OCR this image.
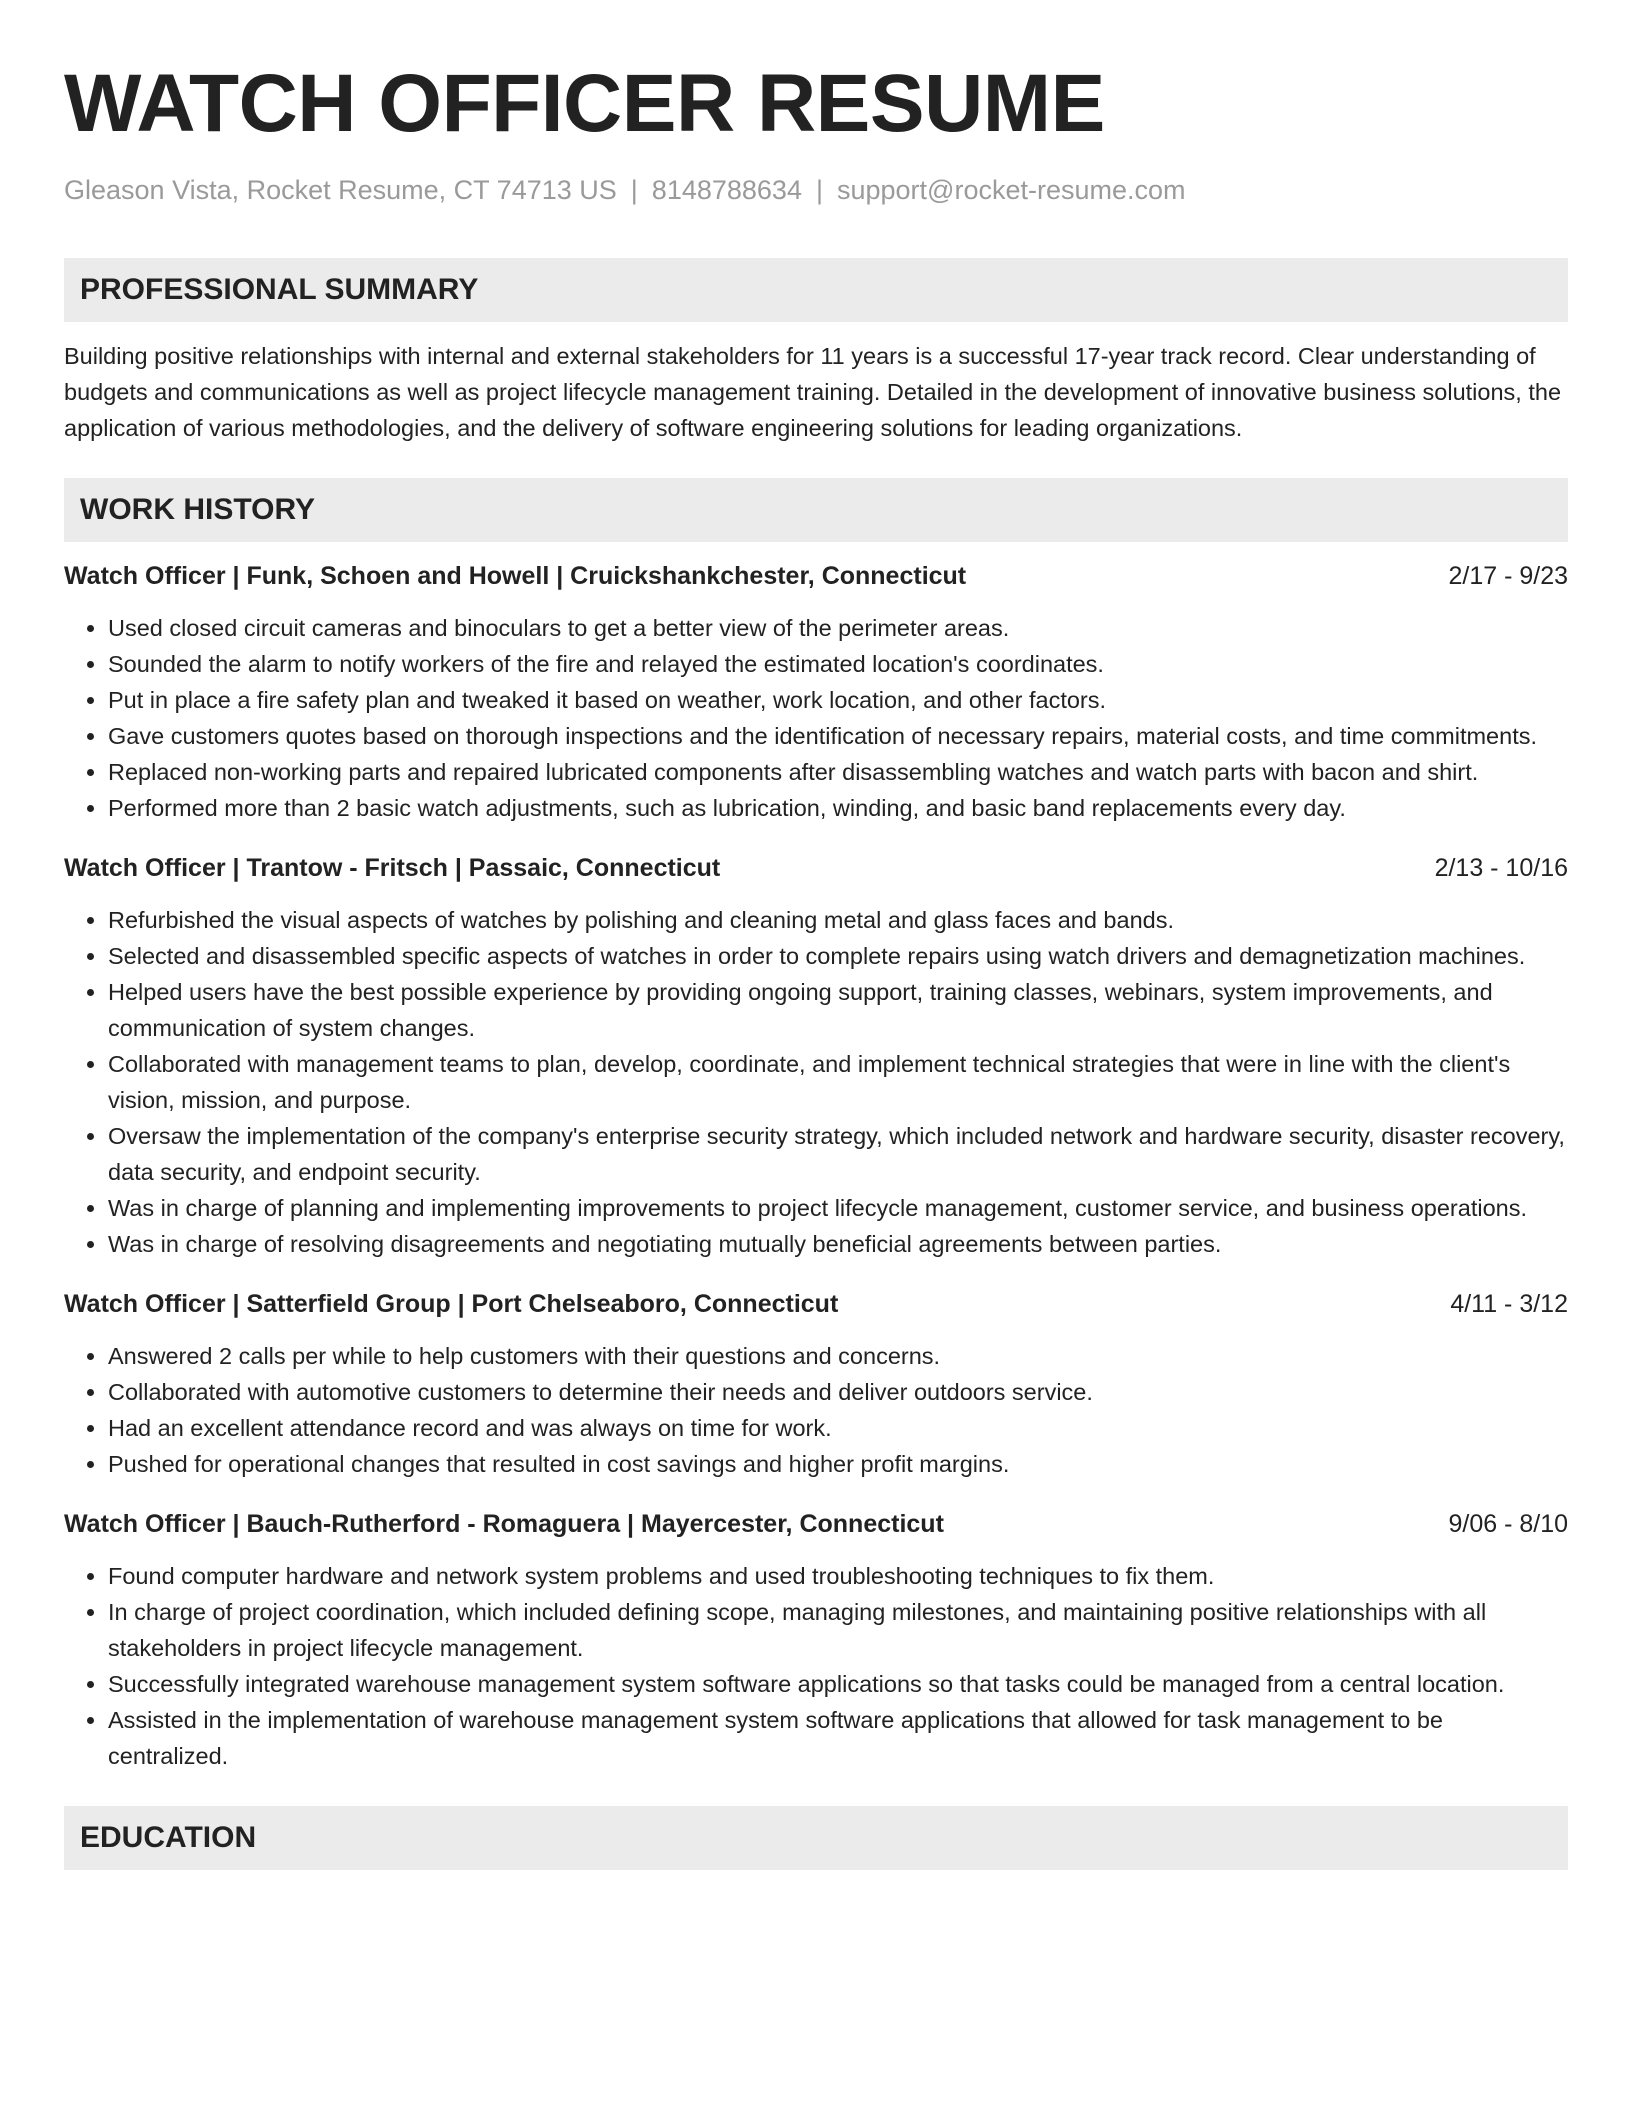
WATCH OFFICER RESUME
Gleason Vista, Rocket Resume, CT 74713 US | 8148788634 | support@rocket-resume.com
PROFESSIONAL SUMMARY

Building positive relationships with internal and external stakeholders for 11 years is a successful 17-year track record. Clear understanding of budgets and communications as well as project lifecycle management training. Detailed in the development of innovative business solutions, the application of various methodologies, and the delivery of software engineering solutions for leading organizations.

WORK HISTORY
Watch Officer | Funk, Schoen and Howell | Cruickshankchester, Connecticut	2/17 - 9/23
• Used closed circuit cameras and binoculars to get a better view of the perimeter areas.
• Sounded the alarm to notify workers of the fire and relayed the estimated location's coordinates.
• Put in place a fire safety plan and tweaked it based on weather, work location, and other factors.
• Gave customers quotes based on thorough inspections and the identification of necessary repairs, material costs, and time commitments.
• Replaced non-working parts and repaired lubricated components after disassembling watches and watch parts with bacon and shirt.
• Performed more than 2 basic watch adjustments, such as lubrication, winding, and basic band replacements every day.
Watch Officer | Trantow - Fritsch | Passaic, Connecticut	2/13 - 10/16
• Refurbished the visual aspects of watches by polishing and cleaning metal and glass faces and bands.
• Selected and disassembled specific aspects of watches in order to complete repairs using watch drivers and demagnetization machines.
• Helped users have the best possible experience by providing ongoing support, training classes, webinars, system improvements, and communication of system changes.
• Collaborated with management teams to plan, develop, coordinate, and implement technical strategies that were in line with the client's vision, mission, and purpose.
• Oversaw the implementation of the company's enterprise security strategy, which included network and hardware security, disaster recovery, data security, and endpoint security.
• Was in charge of planning and implementing improvements to project lifecycle management, customer service, and business operations.
• Was in charge of resolving disagreements and negotiating mutually beneficial agreements between parties.
Watch Officer | Satterfield Group | Port Chelseaboro, Connecticut	4/11 - 3/12
• Answered 2 calls per while to help customers with their questions and concerns.
• Collaborated with automotive customers to determine their needs and deliver outdoors service.
• Had an excellent attendance record and was always on time for work.
• Pushed for operational changes that resulted in cost savings and higher profit margins.
Watch Officer | Bauch-Rutherford - Romaguera | Mayercester, Connecticut	9/06 - 8/10
• Found computer hardware and network system problems and used troubleshooting techniques to fix them.
• In charge of project coordination, which included defining scope, managing milestones, and maintaining positive relationships with all stakeholders in project lifecycle management.
• Successfully integrated warehouse management system software applications so that tasks could be managed from a central location.
• Assisted in the implementation of warehouse management system software applications that allowed for task management to be centralized.
EDUCATION
